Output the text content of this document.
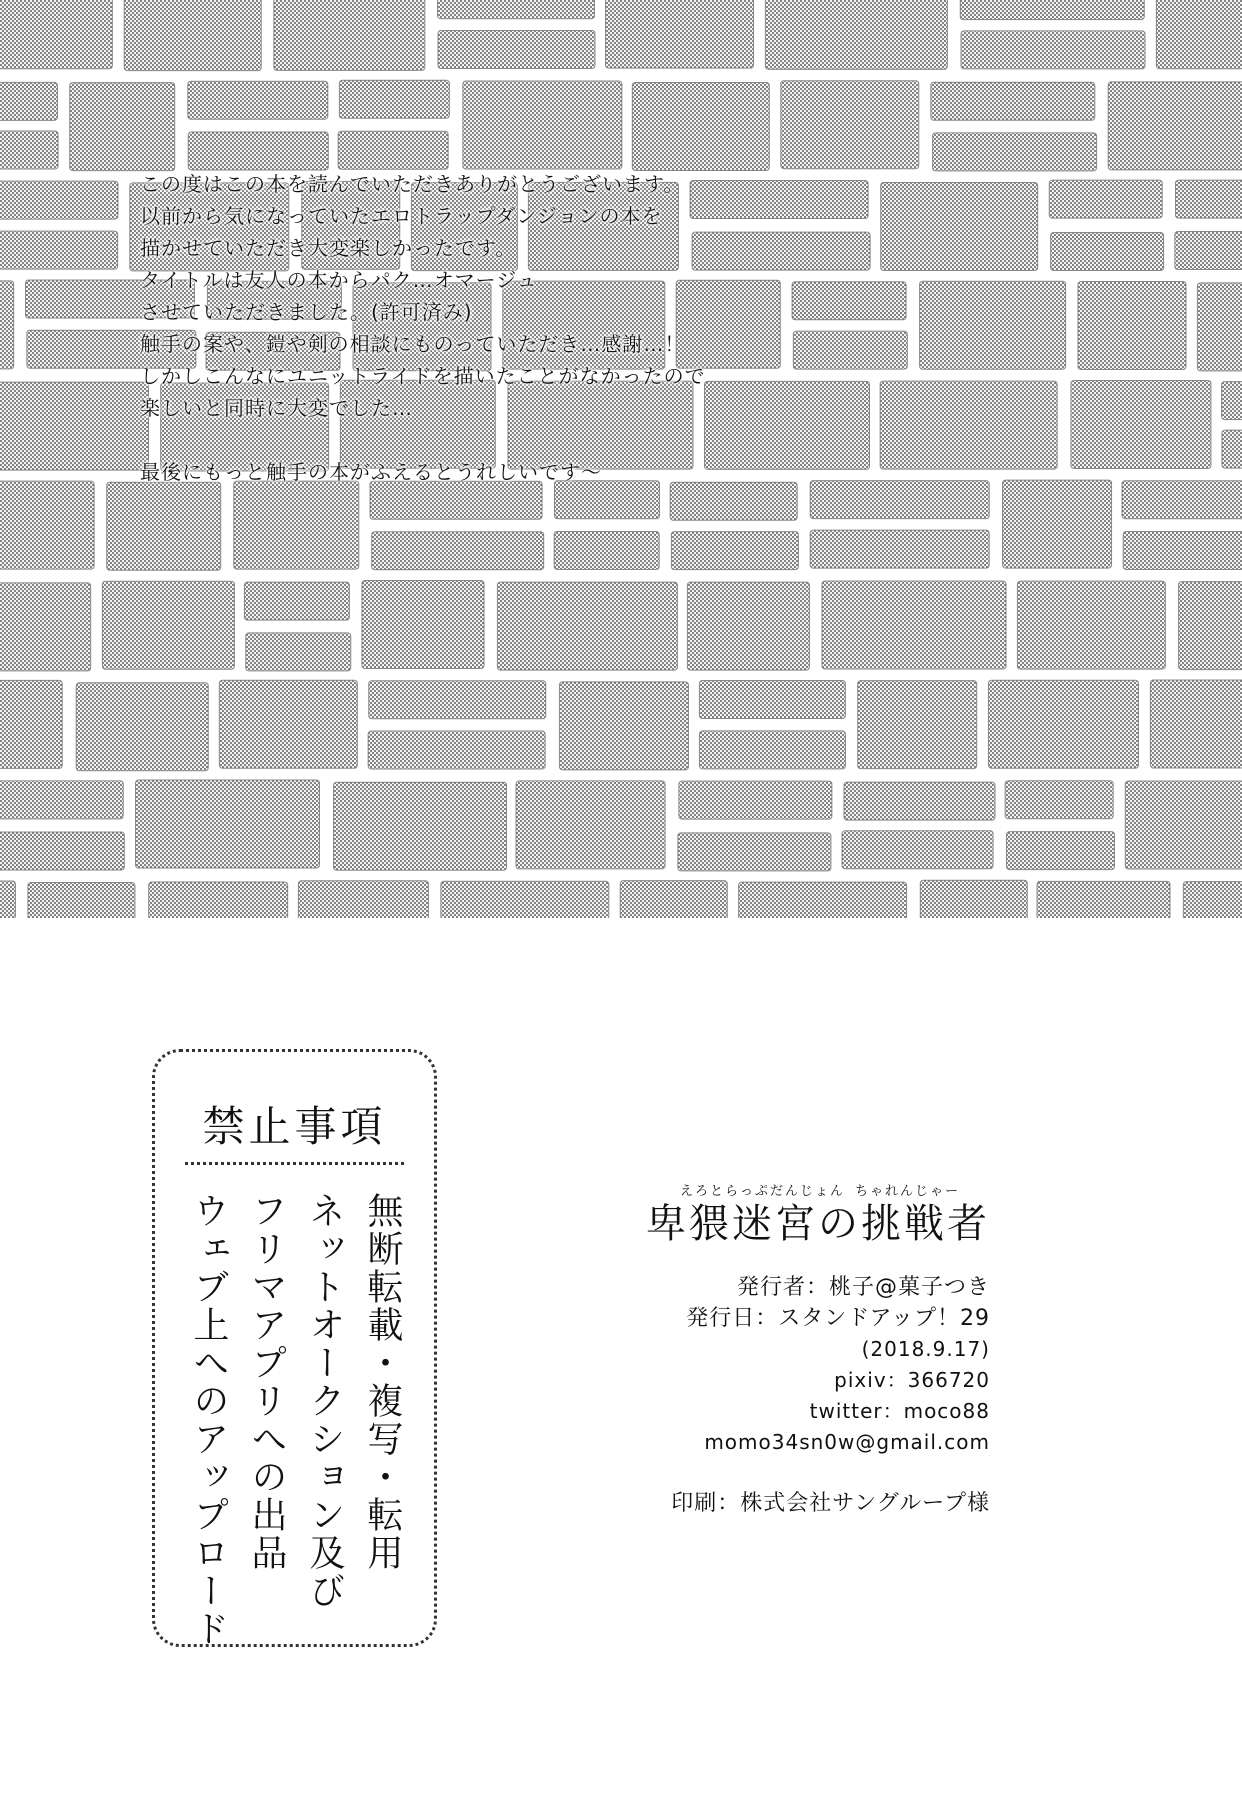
この度はこの本を読んでいただきありがとうございます。
以前から気になっていたエロトラップダンジョンの本を
描かせていただき大変楽しかったです。
タイトルは友人の本からパク…オマージュ
させていただきました。(許可済み)
触手の案や、鎧や剣の相談にものっていただき…感謝…！
しかしこんなにユニットライドを描いたことがなかったので
楽しいと同時に大変でした…
最後にもっと触手の本がふえるとうれしいです～
禁止事項
無断転載・複写・転用
ネットオークション及び
フリマアプリへの出品
ウェブ上へのアップロード
えろとらっぷだんじょん ちゃれんじゃー
卑猥迷宮の挑戦者
発行者：桃子@菓子つき
発行日：スタンドアップ！29
(2018.9.17)
pixiv：366720
twitter：moco88
momo34sn0w@gmail.com
印刷：株式会社サングループ様
